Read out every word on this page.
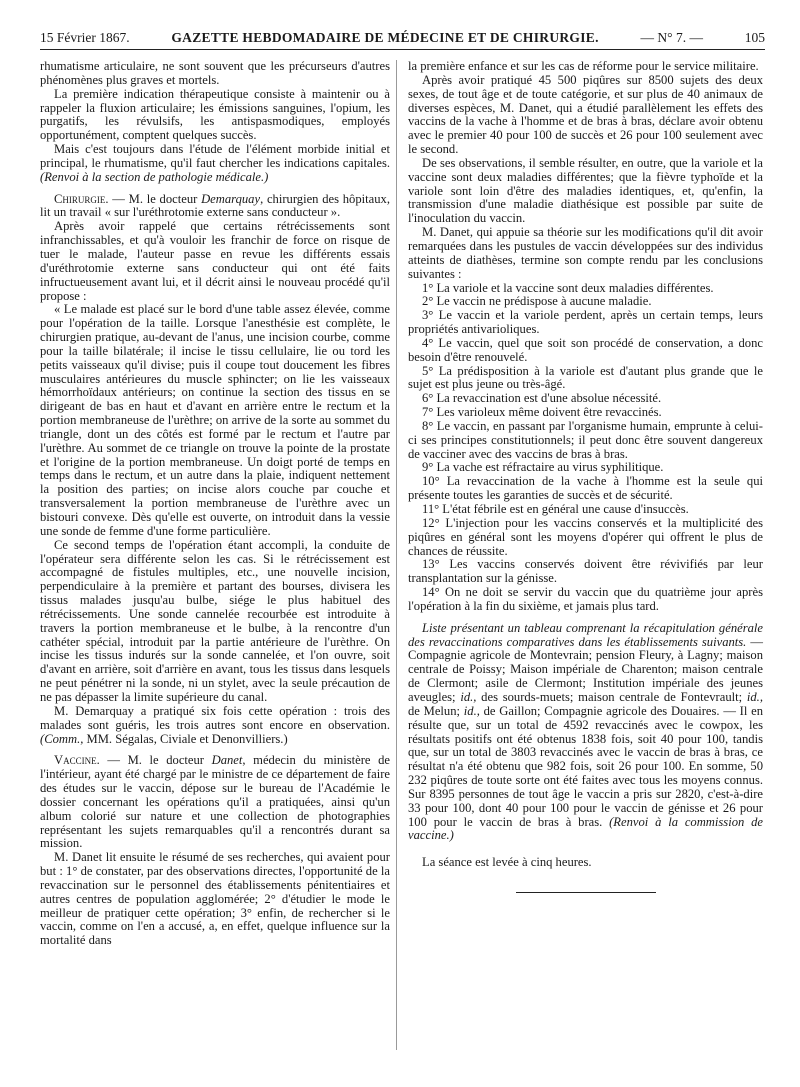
15 Février 1867.	GAZETTE HEBDOMADAIRE DE MÉDECINE ET DE CHIRURGIE.	— N° 7. —	105

rhumatisme articulaire, ne sont souvent que les précurseurs d'autres phénomènes plus graves et mortels.

La première indication thérapeutique consiste à maintenir ou à rappeler la fluxion articulaire; les émissions sanguines, l'opium, les purgatifs, les révulsifs, les antispasmodiques, employés opportunément, comptent quelques succès.

Mais c'est toujours dans l'étude de l'élément morbide initial et principal, le rhumatisme, qu'il faut chercher les indications capitales. (Renvoi à la section de pathologie médicale.)

Chirurgie. — M. le docteur Demarquay, chirurgien des hôpitaux, lit un travail « sur l'uréthrotomie externe sans conducteur ».

Après avoir rappelé que certains rétrécissements sont infranchissables, et qu'à vouloir les franchir de force on risque de tuer le malade, l'auteur passe en revue les différents essais d'uréthrotomie externe sans conducteur qui ont été faits infructueusement avant lui, et il décrit ainsi le nouveau procédé qu'il propose :

« Le malade est placé sur le bord d'une table assez élevée, comme pour l'opération de la taille. Lorsque l'anesthésie est complète, le chirurgien pratique, au-devant de l'anus, une incision courbe, comme pour la taille bilatérale; il incise le tissu cellulaire, lie ou tord les petits vaisseaux qu'il divise; puis il coupe tout doucement les fibres musculaires antérieures du muscle sphincter; on lie les vaisseaux hémorrhoïdaux antérieurs; on continue la section des tissus en se dirigeant de bas en haut et d'avant en arrière entre le rectum et la portion membraneuse de l'urèthre; on arrive de la sorte au sommet du triangle, dont un des côtés est formé par le rectum et l'autre par l'urèthre. Au sommet de ce triangle on trouve la pointe de la prostate et l'origine de la portion membraneuse. Un doigt porté de temps en temps dans le rectum, et un autre dans la plaie, indiquent nettement la position des parties; on incise alors couche par couche et transversalement la portion membraneuse de l'urèthre avec un bistouri convexe. Dès qu'elle est ouverte, on introduit dans la vessie une sonde de femme d'une forme particulière.

Ce second temps de l'opération étant accompli, la conduite de l'opérateur sera différente selon les cas. Si le rétrécissement est accompagné de fistules multiples, etc., une nouvelle incision, perpendiculaire à la première et partant des bourses, divisera les tissus malades jusqu'au bulbe, siége le plus habituel des rétrécissements. Une sonde cannelée recourbée est introduite à travers la portion membraneuse et le bulbe, à la rencontre d'un cathéter spécial, introduit par la partie antérieure de l'urèthre. On incise les tissus indurés sur la sonde cannelée, et l'on ouvre, soit d'avant en arrière, soit d'arrière en avant, tous les tissus dans lesquels ne peut pénétrer ni la sonde, ni un stylet, avec la seule précaution de ne pas dépasser la limite supérieure du canal.

M. Demarquay a pratiqué six fois cette opération : trois des malades sont guéris, les trois autres sont encore en observation. (Comm., MM. Ségalas, Civiale et Denonvilliers.)

Vaccine. — M. le docteur Danet, médecin du ministère de l'intérieur, ayant été chargé par le ministre de ce département de faire des études sur le vaccin, dépose sur le bureau de l'Académie le dossier concernant les opérations qu'il a pratiquées, ainsi qu'un album colorié sur nature et une collection de photographies représentant les sujets remarquables qu'il a rencontrés durant sa mission.

M. Danet lit ensuite le résumé de ses recherches, qui avaient pour but : 1° de constater, par des observations directes, l'opportunité de la revaccination sur le personnel des établissements pénitentiaires et autres centres de population agglomérée; 2° d'étudier le mode le meilleur de pratiquer cette opération; 3° enfin, de rechercher si le vaccin, comme on l'en a accusé, a, en effet, quelque influence sur la mortalité dans

la première enfance et sur les cas de réforme pour le service militaire.

Après avoir pratiqué 45 500 piqûres sur 8500 sujets des deux sexes, de tout âge et de toute catégorie, et sur plus de 40 animaux de diverses espèces, M. Danet, qui a étudié parallèlement les effets des vaccins de la vache à l'homme et de bras à bras, déclare avoir obtenu avec le premier 40 pour 100 de succès et 26 pour 100 seulement avec le second.

De ses observations, il semble résulter, en outre, que la variole et la vaccine sont deux maladies différentes; que la fièvre typhoïde et la variole sont loin d'être des maladies identiques, et, qu'enfin, la transmission d'une maladie diathésique est possible par suite de l'inoculation du vaccin.

M. Danet, qui appuie sa théorie sur les modifications qu'il dit avoir remarquées dans les pustules de vaccin développées sur des individus atteints de diathèses, termine son compte rendu par les conclusions suivantes :

1° La variole et la vaccine sont deux maladies différentes.

2° Le vaccin ne prédispose à aucune maladie.

3° Le vaccin et la variole perdent, après un certain temps, leurs propriétés antivarioliques.

4° Le vaccin, quel que soit son procédé de conservation, a donc besoin d'être renouvelé.

5° La prédisposition à la variole est d'autant plus grande que le sujet est plus jeune ou très-âgé.

6° La revaccination est d'une absolue nécessité.

7° Les varioleux même doivent être revaccinés.

8° Le vaccin, en passant par l'organisme humain, emprunte à celui-ci ses principes constitutionnels; il peut donc être souvent dangereux de vacciner avec des vaccins de bras à bras.

9° La vache est réfractaire au virus syphilitique.

10° La revaccination de la vache à l'homme est la seule qui présente toutes les garanties de succès et de sécurité.

11° L'état fébrile est en général une cause d'insuccès.

12° L'injection pour les vaccins conservés et la multiplicité des piqûres en général sont les moyens d'opérer qui offrent le plus de chances de réussite.

13° Les vaccins conservés doivent être révivifiés par leur transplantation sur la génisse.

14° On ne doit se servir du vaccin que du quatrième jour après l'opération à la fin du sixième, et jamais plus tard.

Liste présentant un tableau comprenant la récapitulation générale des revaccinations comparatives dans les établissements suivants. — Compagnie agricole de Montevrain; pension Fleury, à Lagny; maison centrale de Poissy; Maison impériale de Charenton; maison centrale de Clermont; asile de Clermont; Institution impériale des jeunes aveugles; id., des sourds-muets; maison centrale de Fontevrault; id., de Melun; id., de Gaillon; Compagnie agricole des Douaires. — Il en résulte que, sur un total de 4592 revaccinés avec le cowpox, les résultats positifs ont été obtenus 1838 fois, soit 40 pour 100, tandis que, sur un total de 3803 revaccinés avec le vaccin de bras à bras, ce résultat n'a été obtenu que 982 fois, soit 26 pour 100. En somme, 50 232 piqûres de toute sorte ont été faites avec tous les moyens connus. Sur 8395 personnes de tout âge le vaccin a pris sur 2820, c'est-à-dire 33 pour 100, dont 40 pour 100 pour le vaccin de génisse et 26 pour 100 pour le vaccin de bras à bras. (Renvoi à la commission de vaccine.)

La séance est levée à cinq heures.
